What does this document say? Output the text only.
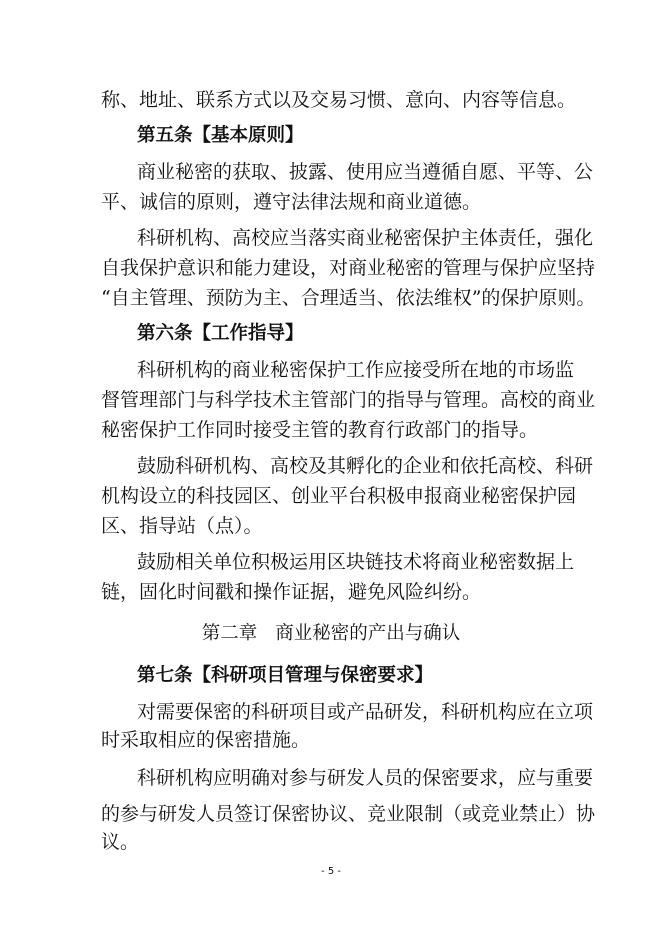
称、地址、联系方式以及交易习惯、意向、内容等信息。
第五条【基本原则】
商业秘密的获取、披露、使用应当遵循自愿、平等、公
平、诚信的原则，遵守法律法规和商业道德。
科研机构、高校应当落实商业秘密保护主体责任，强化
自我保护意识和能力建设，对商业秘密的管理与保护应坚持
“自主管理、预防为主、合理适当、依法维权”的保护原则。
第六条【工作指导】
科研机构的商业秘密保护工作应接受所在地的市场监
督管理部门与科学技术主管部门的指导与管理。高校的商业
秘密保护工作同时接受主管的教育行政部门的指导。
鼓励科研机构、高校及其孵化的企业和依托高校、科研
机构设立的科技园区、创业平台积极申报商业秘密保护园
区、指导站（点）。
鼓励相关单位积极运用区块链技术将商业秘密数据上
链，固化时间戳和操作证据，避免风险纠纷。
第二章 商业秘密的产出与确认
第七条【科研项目管理与保密要求】
对需要保密的科研项目或产品研发，科研机构应在立项
时采取相应的保密措施。
科研机构应明确对参与研发人员的保密要求，应与重要
的参与研发人员签订保密协议、竞业限制（或竞业禁止）协
议。
- 5 -
